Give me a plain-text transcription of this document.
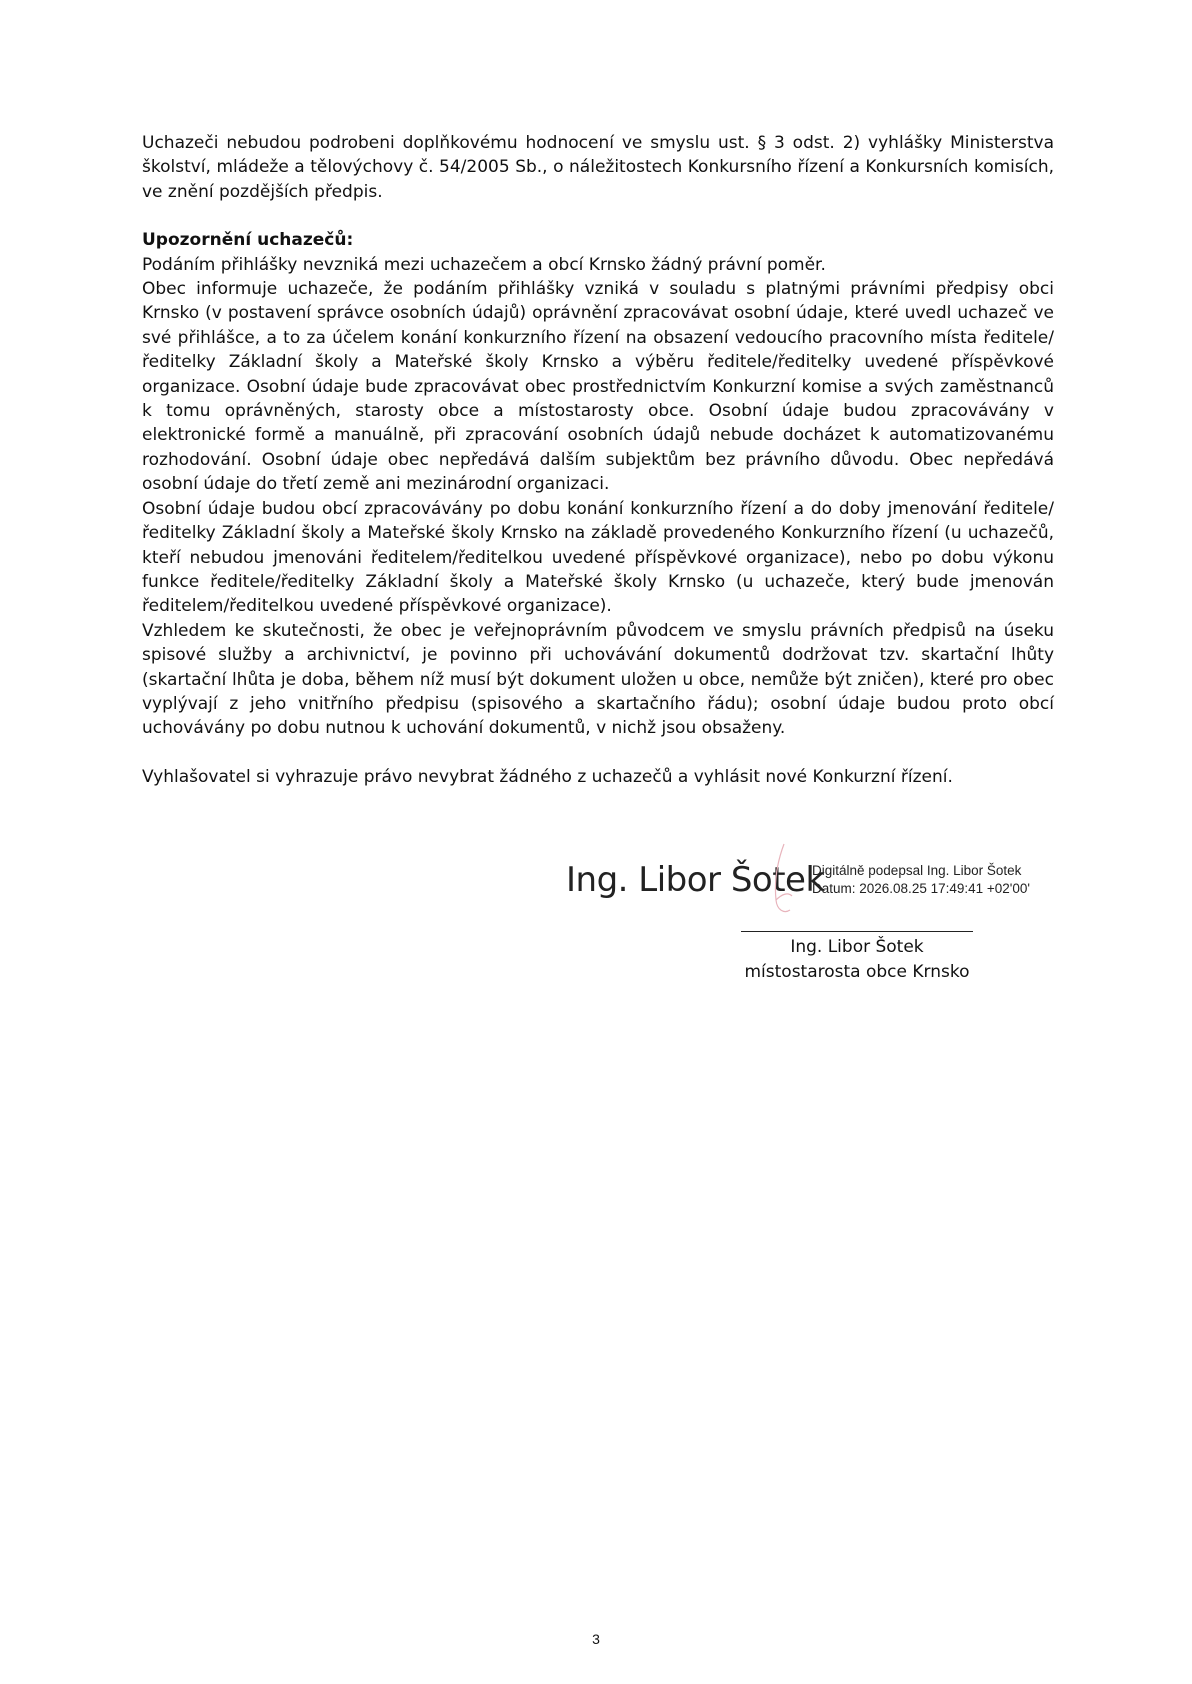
Uchazeči nebudou podrobeni doplňkovému hodnocení ve smyslu ust. § 3 odst. 2) vyhlášky Ministerstva školství, mládeže a tělovýchovy č. 54/2005 Sb., o náležitostech Konkursního řízení a Konkursních komisích, ve znění pozdějších předpis.

Upozornění uchazečů:

Podáním přihlášky nevzniká mezi uchazečem a obcí Krnsko žádný právní poměr.

Obec informuje uchazeče, že podáním přihlášky vzniká v souladu s platnými právními předpisy obci Krnsko (v postavení správce osobních údajů) oprávnění zpracovávat osobní údaje, které uvedl uchazeč ve své přihlášce, a to za účelem konání konkurzního řízení na obsazení vedoucího pracovního místa ředitele/ředitelky Základní školy a Mateřské školy Krnsko a výběru ředitele/ředitelky uvedené příspěvkové organizace. Osobní údaje bude zpracovávat obec prostřednictvím Konkurzní komise a svých zaměstnanců k tomu oprávněných, starosty obce a místostarosty obce. Osobní údaje budou zpracovávány v elektronické formě a manuálně, při zpracování osobních údajů nebude docházet k automatizovanému rozhodování. Osobní údaje obec nepředává dalším subjektům bez právního důvodu. Obec nepředává osobní údaje do třetí země ani mezinárodní organizaci.

Osobní údaje budou obcí zpracovávány po dobu konání konkurzního řízení a do doby jmenování ředitele/ředitelky Základní školy a Mateřské školy Krnsko na základě provedeného Konkurzního řízení (u uchazečů, kteří nebudou jmenováni ředitelem/ředitelkou uvedené příspěvkové organizace), nebo po dobu výkonu funkce ředitele/ředitelky Základní školy a Mateřské školy Krnsko (u uchazeče, který bude jmenován ředitelem/ředitelkou uvedené příspěvkové organizace).

Vzhledem ke skutečnosti, že obec je veřejnoprávním původcem ve smyslu právních předpisů na úseku spisové služby a archivnictví, je povinno při uchovávání dokumentů dodržovat tzv. skartační lhůty (skartační lhůta je doba, během níž musí být dokument uložen u obce, nemůže být zničen), které pro obec vyplývají z jeho vnitřního předpisu (spisového a skartačního řádu); osobní údaje budou proto obcí uchovávány po dobu nutnou k uchování dokumentů, v nichž jsou obsaženy.

Vyhlašovatel si vyhrazuje právo nevybrat žádného z uchazečů a vyhlásit nové Konkurzní řízení.

Ing. Libor Šotek
Digitálně podepsal Ing. Libor Šotek
Datum: 2026.08.25 17:49:41 +02'00'
Ing. Libor Šotek
místostarosta obce Krnsko
3
